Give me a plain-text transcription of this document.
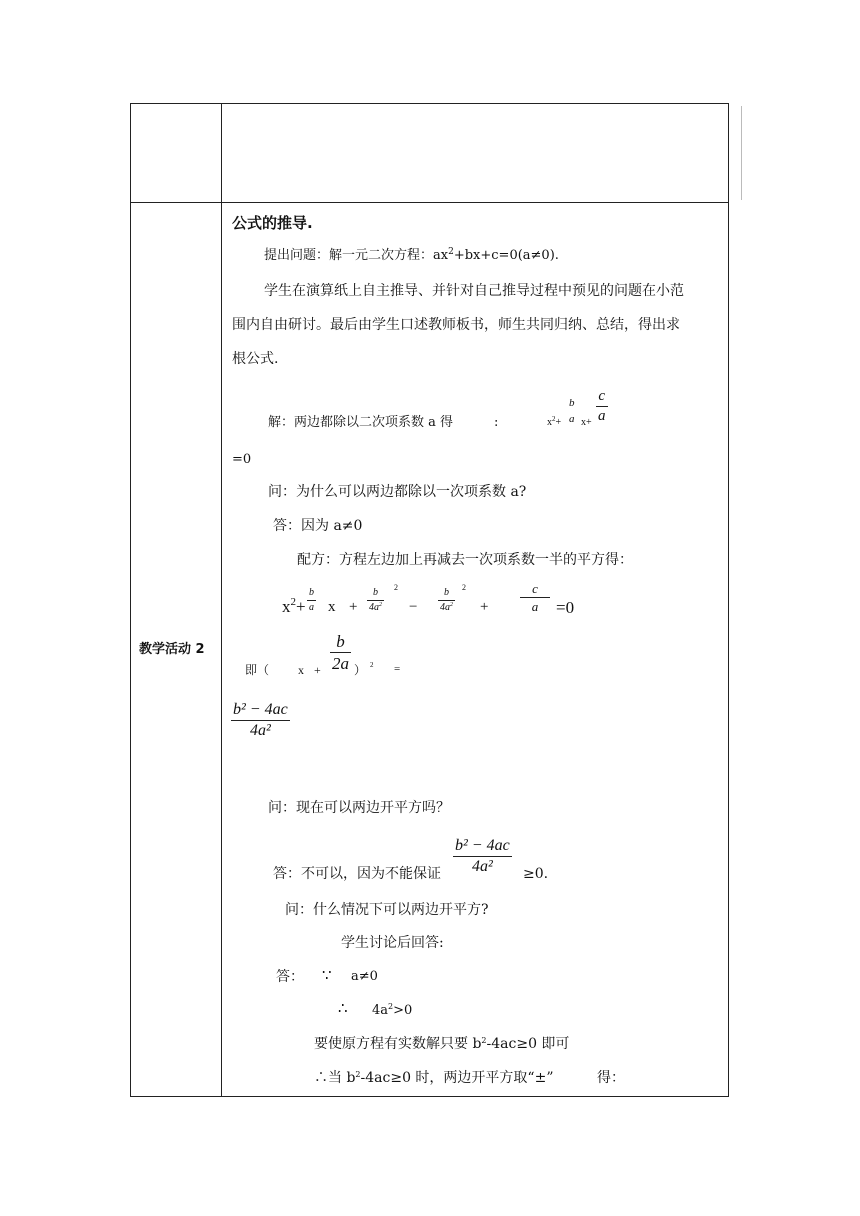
教学活动 2
公式的推导.
提出问题：解一元二次方程：$ax^2+bx+c=0(a\ne 0)$.
学生在演算纸上自主推导、并针对自己推导过程中预见的问题在小范
围内自由研讨。最后由学生口述教师板书，师生共同归纳、总结，得出求
根公式.
解：两边都除以二次项系数 a 得	:	$x^2+$
b
a x+
c
a
=0
问：为什么可以两边都除以一次项系数 a?
答：因为 a≠0
配方：方程左边加上再减去一次项系数一半的平方得：
$x^2+$
b
a x +
b
$4a^2$
2
−
b
$4a^2$
2
+
c
a =0
即（ x +
b
2a ） 2 =
b² − 4ac
4a²
问：现在可以两边开平方吗？
答：不可以，因为不能保证
b² − 4ac
4a² ≥0.
问：什么情况下可以两边开平方?
学生讨论后回答:
答： ∵ a≠0
∴ $4a^2>0$
要使原方程有实数解只要 $b^2-4ac\ge 0$ 即可
∴当 $b^2-4ac\ge 0$ 时，两边开平方取“±”	得：
